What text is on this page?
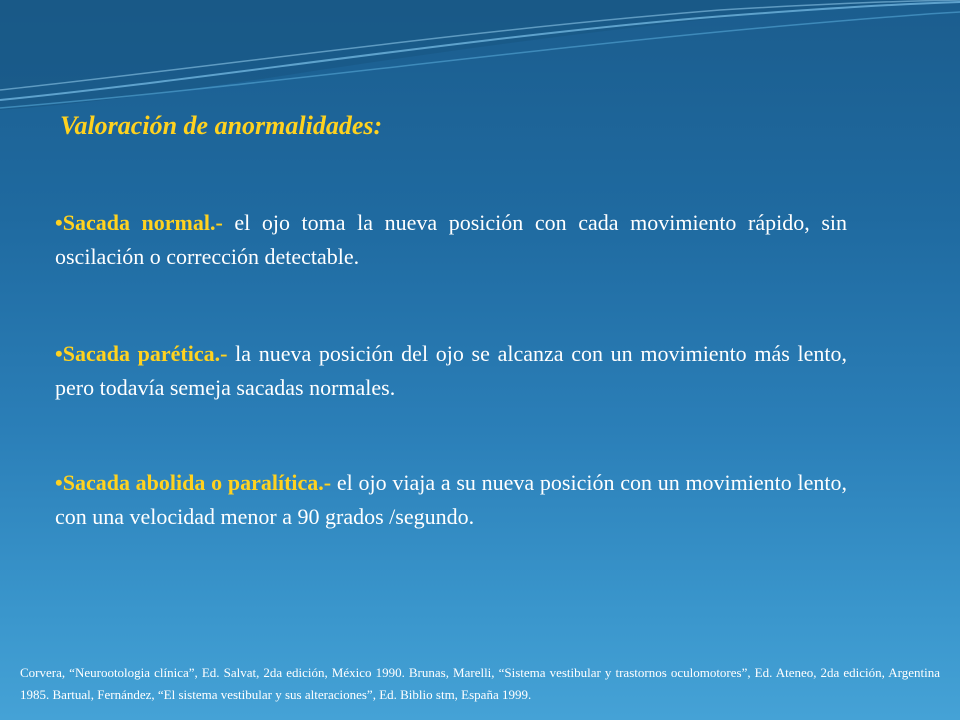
Valoración de anormalidades:

•Sacada normal.- el ojo toma la nueva posición con cada movimiento rápido, sin oscilación o corrección detectable.

•Sacada parética.- la nueva posición del ojo se alcanza con un movimiento más lento, pero todavía semeja sacadas normales.

•Sacada abolida o paralítica.- el ojo viaja a su nueva posición con un movimiento lento, con una velocidad menor a 90 grados /segundo.

Corvera, “Neurootologia clínica”, Ed. Salvat, 2da edición, México 1990. Brunas, Marelli, “Sistema vestibular y trastornos oculomotores”, Ed. Ateneo, 2da edición, Argentina 1985. Bartual, Fernández, “El sistema vestibular y sus alteraciones”, Ed. Biblio stm, España 1999.
